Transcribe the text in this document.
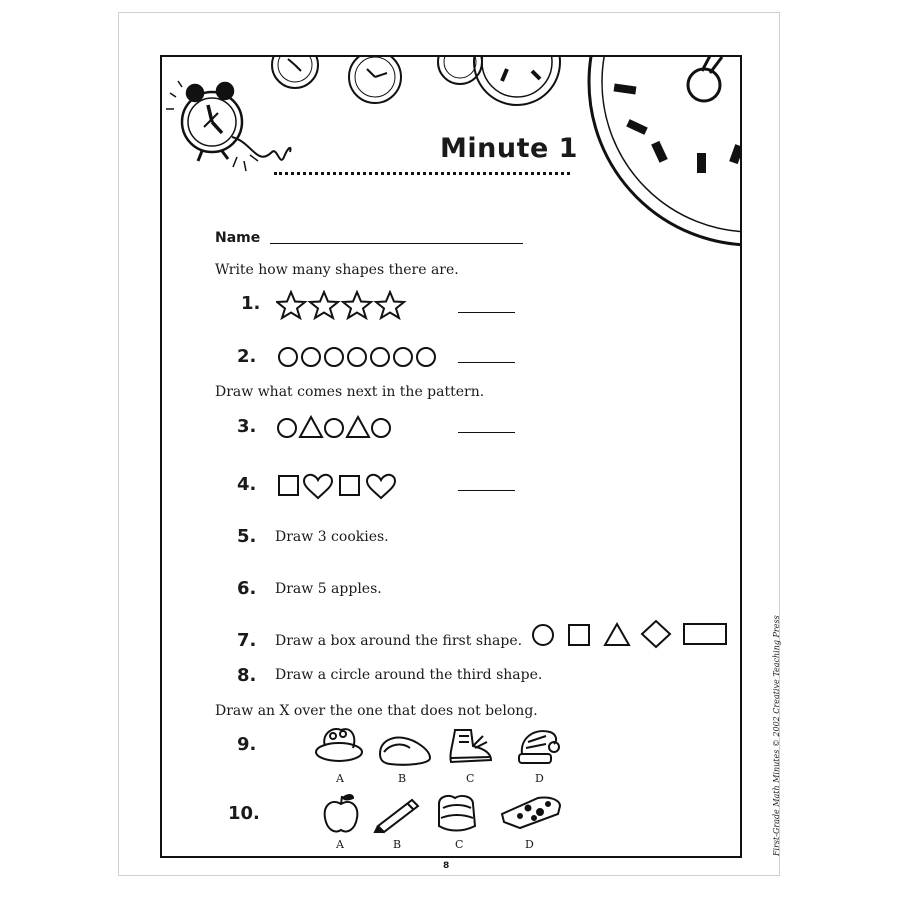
Minute 1
Name
Write how many shapes there are.
1.
2.
Draw what comes next in the pattern.
3.
4.
5. Draw 3 cookies.
6. Draw 5 apples.
7. Draw a box around the first shape.
8. Draw a circle around the third shape.
Draw an X over the one that does not belong.
9.
A	B	C	D
10.
A	B	C	D	First-Grade Math Minutes © 2002 Creative Teaching Press
8
